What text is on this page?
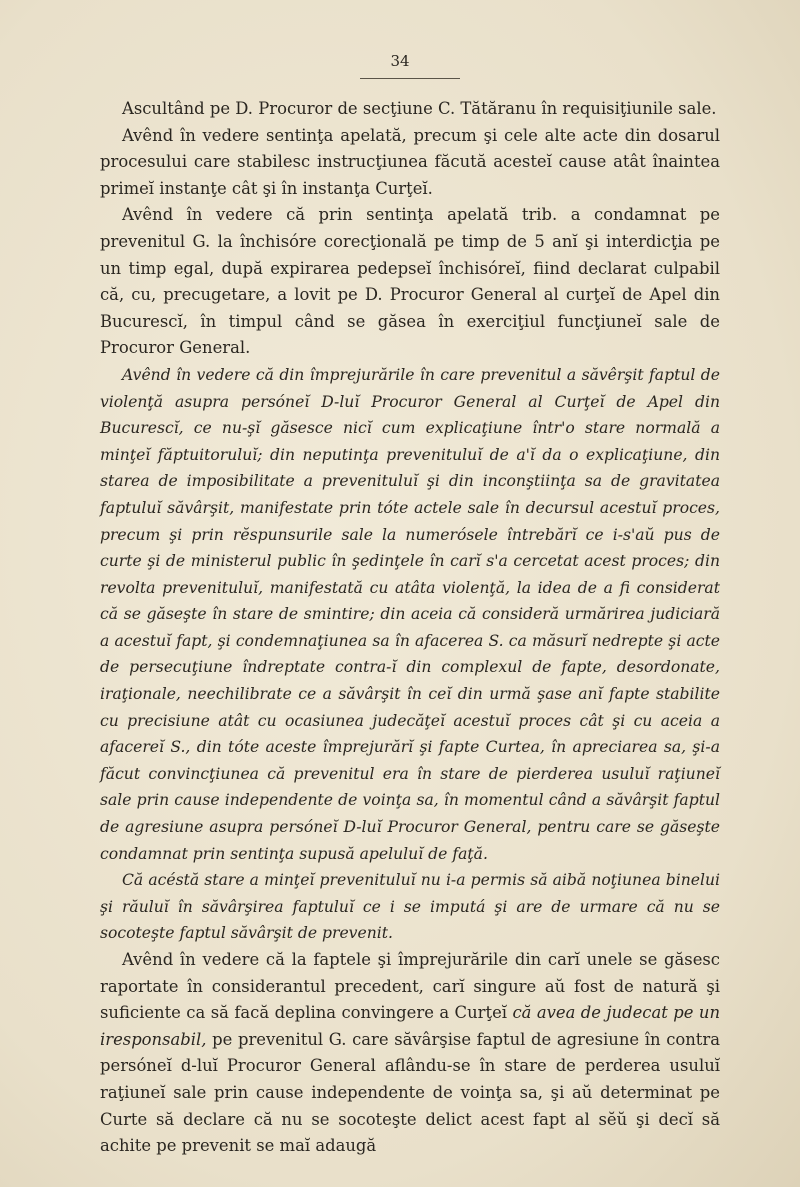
34

Ascultând pe D. Procuror de secţiune C. Tătăranu în requisiţiunile sale.

Avênd în vedere sentinţa apelată, precum şi cele alte acte din dosarul procesului care stabilesc instrucţiunea făcută acesteĭ cause atât înaintea primeĭ instanţe cât şi în instanţa Curţeĭ.

Avênd în vedere că prin sentinţa apelată trib. a condamnat pe prevenitul G. la închisóre corecţională pe timp de 5 anĭ şi interdicţia pe un timp egal, după expirarea pedepseĭ închisóreĭ, fiind declarat culpabil că, cu, precugetare, a lovit pe D. Procuror General al curţeĭ de Apel din Bucurescĭ, în timpul când se găsea în exerciţiul funcţiuneĭ sale de Procuror General.

Avênd în vedere că din împrejurările în care prevenitul a săvêrşit faptul de violenţă asupra persóneĭ D-luĭ Procuror General al Curţeĭ de Apel din Bucurescĭ, ce nu-şĭ găsesce nicĭ cum explicaţiune într'o stare normală a minţeĭ făptuitoruluĭ; din neputinţa prevenituluĭ de a'ĭ da o explicaţiune, din starea de imposibilitate a prevenituluĭ şi din inconştiinţa sa de gravitatea faptuluĭ săvârşit, manifestate prin tóte actele sale în decursul acestuĭ proces, precum şi prin rĕspunsurile sale la numerósele întrebărĭ ce i-s'aŭ pus de curte şi de ministerul public în şedinţele în carĭ s'a cercetat acest proces; din revolta prevenituluĭ, manifestată cu atâta violenţă, la idea de a fi considerat că se găseşte în stare de smintire; din aceia că consideră urmărirea judiciară a acestuĭ fapt, şi condemnaţiunea sa în afacerea S. ca măsurĭ nedrepte şi acte de persecuţiune îndreptate contra-ĭ din complexul de fapte, desordonate, iraţionale, neechilibrate ce a săvârşit în ceĭ din urmă şase anĭ fapte stabilite cu precisiune atât cu ocasiunea judecăţeĭ acestuĭ proces cât şi cu aceia a afacereĭ S., din tóte aceste împrejurărĭ şi fapte Curtea, în apreciarea sa, şi-a făcut convincţiunea că prevenitul era în stare de pierderea usuluĭ raţiuneĭ sale prin cause independente de voinţa sa, în momentul când a săvârşit faptul de agresiune asupra persóneĭ D-luĭ Procuror General, pentru care se găseşte condamnat prin sentinţa supusă apeluluĭ de faţă.

Că acéstă stare a minţeĭ prevenituluĭ nu i-a permis să aibă noţiunea binelui şi răuluĭ în săvârşirea faptuluĭ ce i se imputá şi are de urmare că nu se socoteşte faptul săvârşit de prevenit.

Avênd în vedere că la faptele şi împrejurările din carĭ unele se găsesc raportate în considerantul precedent, carĭ singure aŭ fost de natură şi suficiente ca să facă deplina convingere a Curţeĭ că avea de judecat pe un iresponsabil, pe prevenitul G. care săvârşise faptul de agresiune în contra persóneĭ d-luĭ Procuror General aflându-se în stare de perderea usuluĭ raţiuneĭ sale prin cause independente de voinţa sa, şi aŭ determinat pe Curte să declare că nu se socoteşte delict acest fapt al sĕŭ şi decĭ să achite pe prevenit se maĭ adaugă
